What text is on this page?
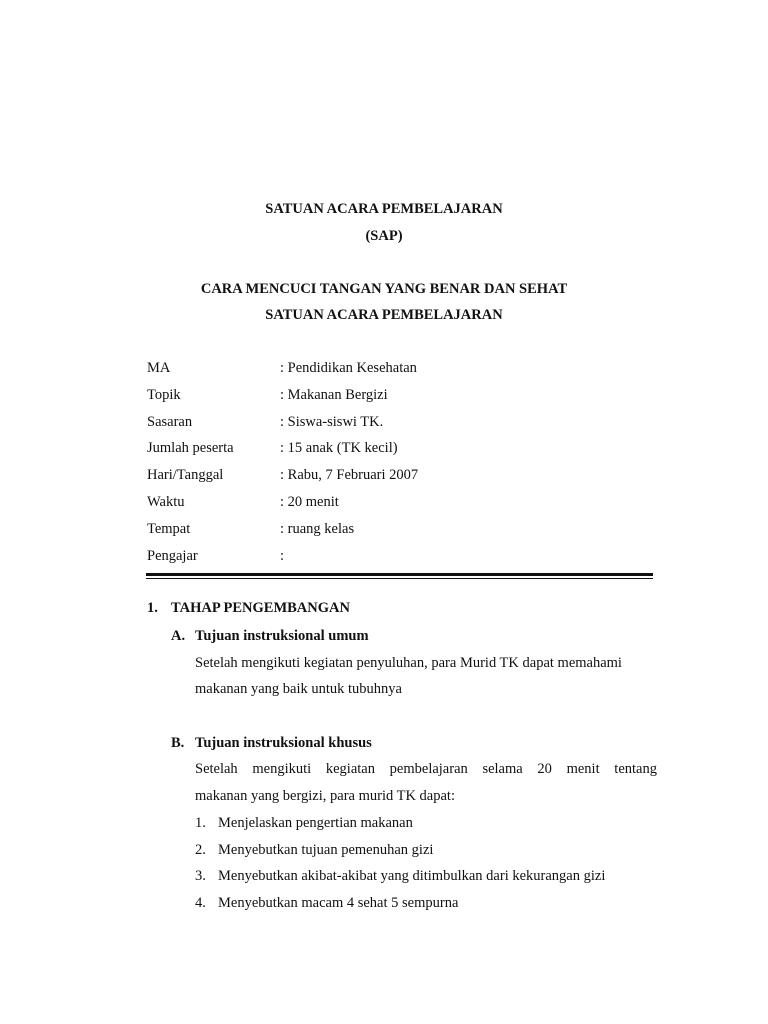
SATUAN ACARA PEMBELAJARAN
(SAP)
CARA MENCUCI TANGAN YANG BENAR DAN SEHAT
SATUAN ACARA PEMBELAJARAN
MA	: Pendidikan Kesehatan
Topik	: Makanan Bergizi
Sasaran	: Siswa-siswi TK.
Jumlah peserta	: 15 anak (TK kecil)
Hari/Tanggal	: Rabu, 7 Februari 2007
Waktu	: 20 menit
Tempat	: ruang kelas
Pengajar	:
1. TAHAP PENGEMBANGAN
A. Tujuan instruksional umum
Setelah mengikuti kegiatan penyuluhan, para Murid TK dapat memahami
makanan yang baik untuk tubuhnya
B. Tujuan instruksional khusus
Setelah mengikuti kegiatan pembelajaran selama 20 menit tentang
makanan yang bergizi, para murid TK dapat:
1. Menjelaskan pengertian makanan
2. Menyebutkan tujuan pemenuhan gizi
3. Menyebutkan akibat-akibat yang ditimbulkan dari kekurangan gizi
4. Menyebutkan macam 4 sehat 5 sempurna
